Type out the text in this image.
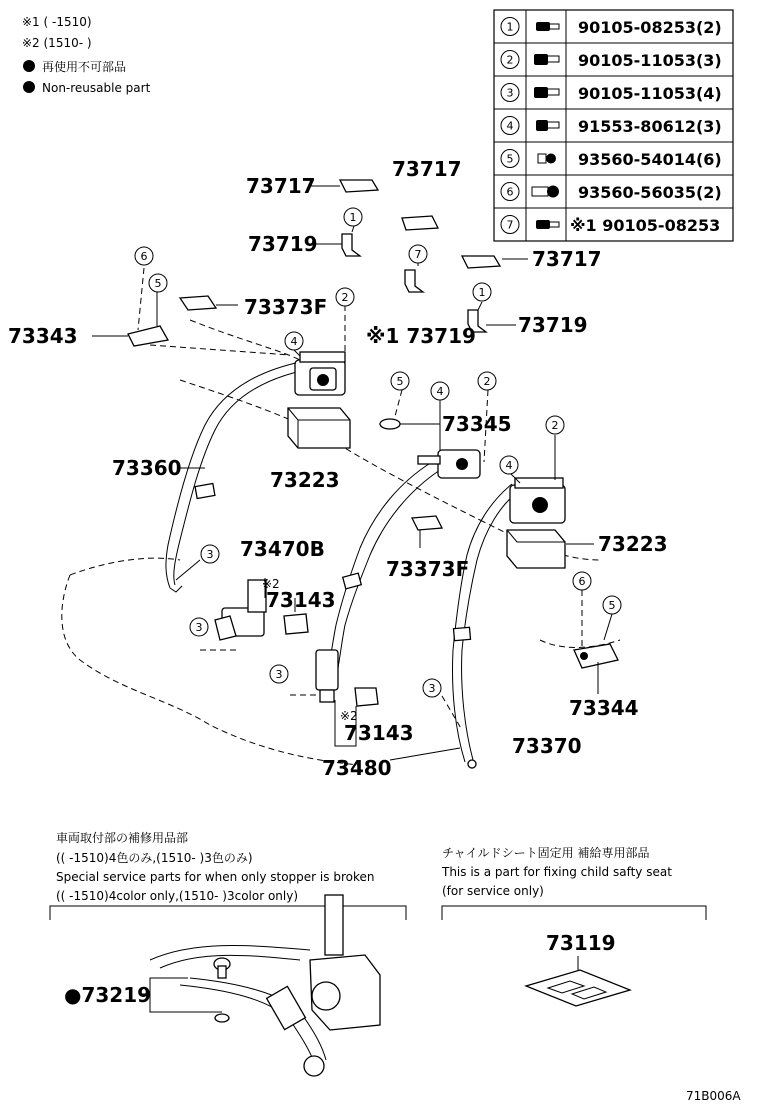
※1 ( -1510)
※2 (1510- )
再使用不可部品
Non-reusable part
1	90105-08253(2)
2	90105-11053(3)
3	90105-11053(4)
4	91553-80612(3)
5	93560-54014(6)
6	93560-56035(2)
7	※1 90105-08253
1
6
5
2
4
7
1
5
4
2
2
4
3
3
3
6
5
3
73717
73717
73717
73719
※1 73719 73719
73373F
73373F
73343
73345
73360	73223
73223
73470B
※2
73143
※2
73143
73480
73370
73344
車両取付部の補修用品部
(( -1510)4色のみ,(1510- )3色のみ)
Special service parts for when only stopper is broken
(( -1510)4color only,(1510- )3color only)
●73219
チャイルドシート固定用 補給専用部品
This is a part for fixing child safty seat
(for service only)
73119
71B006A
